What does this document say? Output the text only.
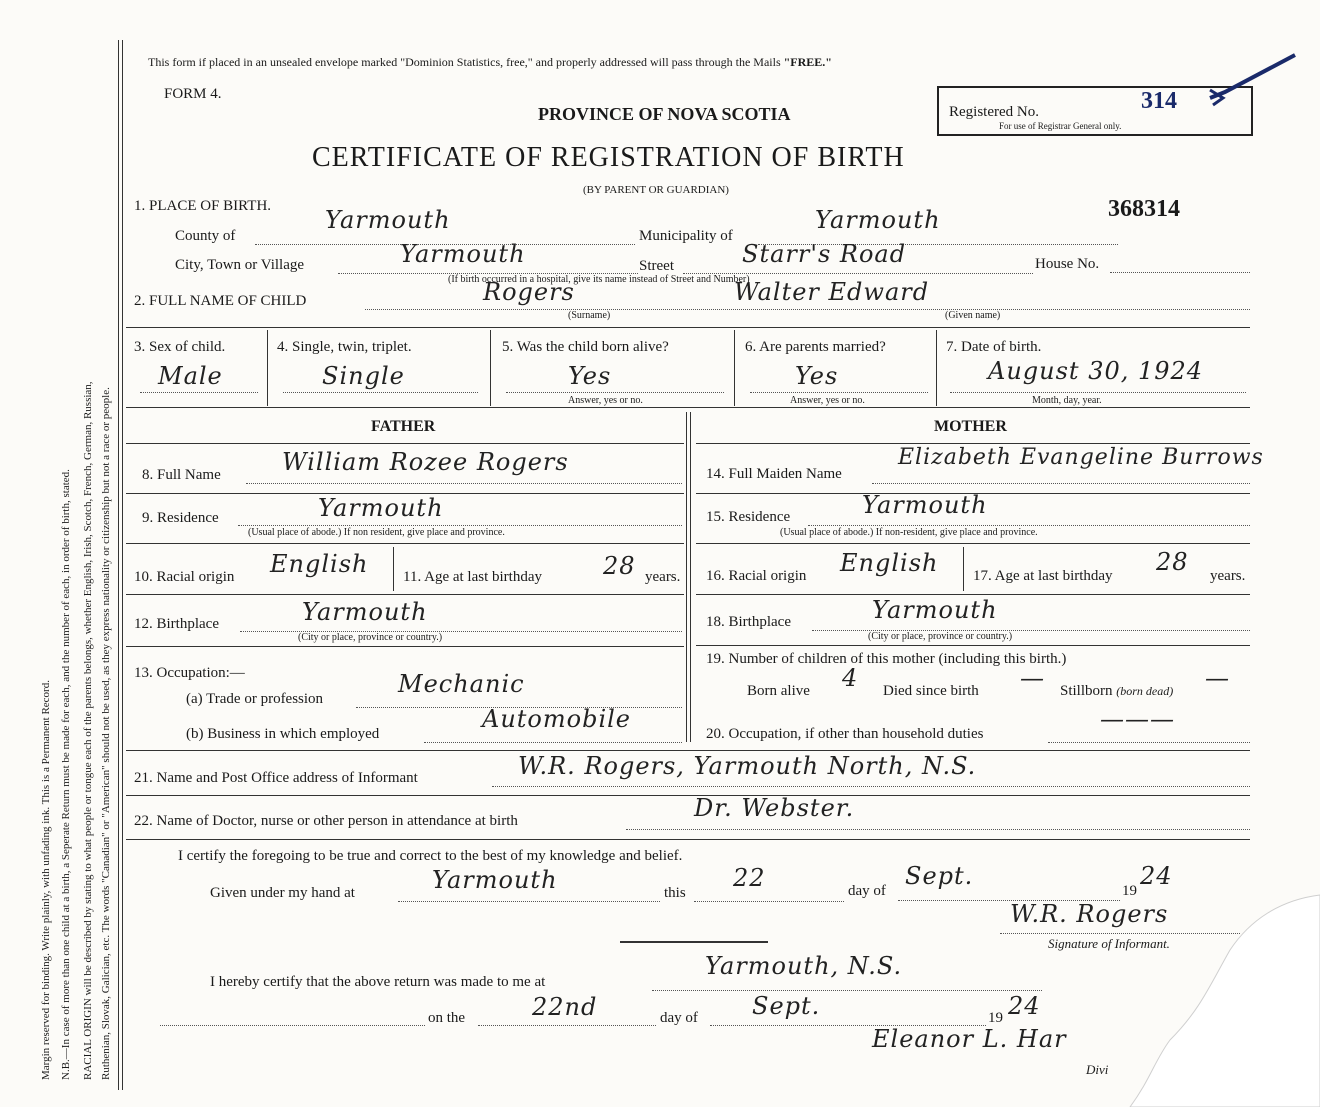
Margin reserved for binding. Write plainly, with unfading ink. This is a Permanent Record. N.B.—In case of more than one child at a birth, a Seperate Return must be made for each, and the number of each, in order of birth, stated. RACIAL ORIGIN will be described by stating to what people or tongue each of the parents belongs, whether English, Irish, Scotch, French, German, Russian, Ruthenian, Slovak, Galician, etc. The words "Canadian" or "American" should not be used, as they express nationality or citizenship but not a race or people.
This form if placed in an unsealed envelope marked "Dominion Statistics, free," and properly addressed will pass through the Mails "FREE."
FORM 4.
PROVINCE OF NOVA SCOTIA
CERTIFICATE OF REGISTRATION OF BIRTH
(BY PARENT OR GUARDIAN)
Registered No.	314
For use of Registrar General only.
368314
1. PLACE OF BIRTH.
County of
Yarmouth
Municipality of
Yarmouth
City, Town or Village	Yarmouth	Street	Starr's Road	House No.
(If birth occurred in a hospital, give its name instead of Street and Number)
2. FULL NAME OF CHILD	Rogers	Walter Edward
(Surname)	(Given name)
3. Sex of child.
Male
4. Single, twin, triplet.
Single
5. Was the child born alive?
Yes
Answer, yes or no.
6. Are parents married?
Yes
Answer, yes or no.
7. Date of birth.
August 30, 1924
Month, day, year.
FATHER	MOTHER
8. Full Name	William Rozee Rogers
9. Residence	Yarmouth
(Usual place of abode.) If non resident, give place and province.
10. Racial origin English 11. Age at last birthday	28 years.
12. Birthplace	Yarmouth
(City or place, province or country.)
13. Occupation:—
(a) Trade or profession
Mechanic
(b) Business in which employed
Automobile
14. Full Maiden Name
Elizabeth Evangeline Burrows
15. Residence	Yarmouth
(Usual place of abode.) If non-resident, give place and province.
16. Racial origin English 17. Age at last birthday 28 years.
18. Birthplace	Yarmouth
(City or place, province or country.)
19. Number of children of this mother (including this birth.)
Born alive 4 Died since birth — Stillborn (born dead) —
20. Occupation, if other than household duties
———
21. Name and Post Office address of Informant	W.R. Rogers, Yarmouth North, N.S.
22. Name of Doctor, nurse or other person in attendance at birth	Dr. Webster.
I certify the foregoing to be true and correct to the best of my knowledge and belief.
Given under my hand at	Yarmouth	this
22	day of
Sept.
19
24
W.R. Rogers
Signature of Informant.
I hereby certify that the above return was made to me at
Yarmouth, N.S.
on the	22nd	day of Sept.	19 24
Eleanor L. Har
Divi
